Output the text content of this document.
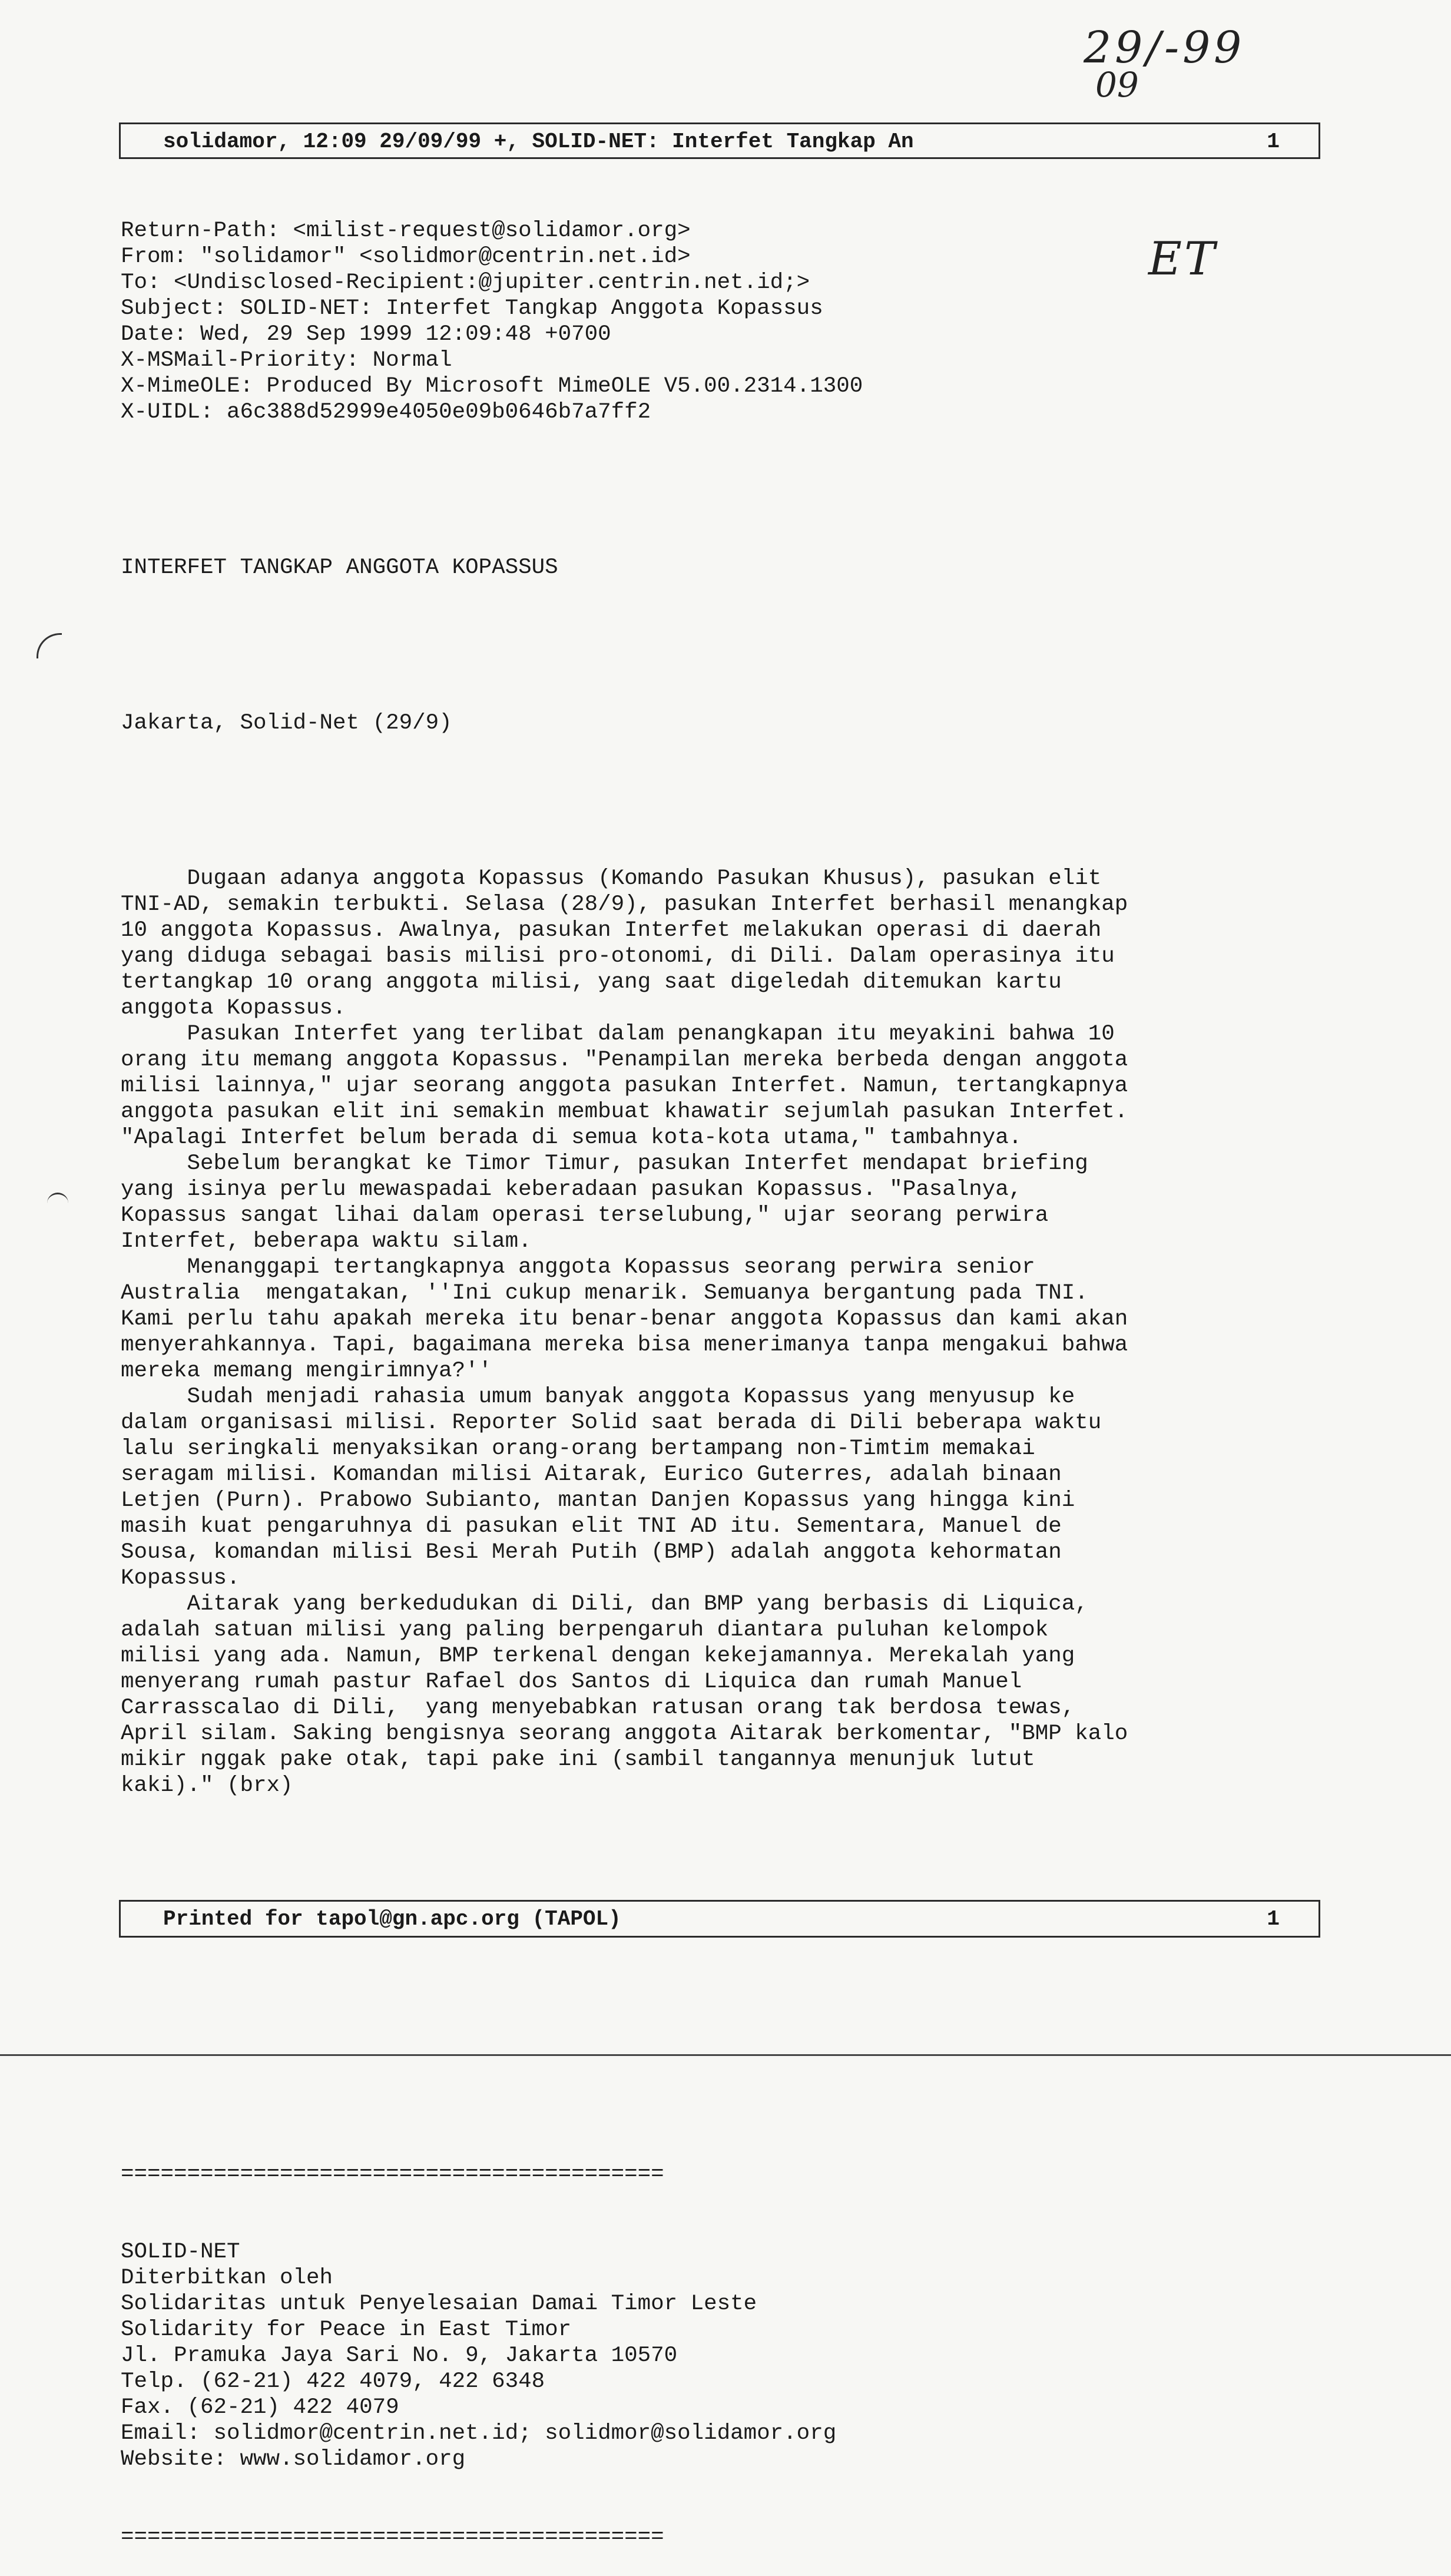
29/-99
09
ET
solidamor, 12:09 29/09/99 +, SOLID-NET: Interfet Tangkap An	1

Return-Path: <milist-request@solidamor.org>

From: "solidamor" <solidmor@centrin.net.id>

To: <Undisclosed-Recipient:@jupiter.centrin.net.id;>

Subject: SOLID-NET: Interfet Tangkap Anggota Kopassus

Date: Wed, 29 Sep 1999 12:09:48 +0700

X-MSMail-Priority: Normal

X-MimeOLE: Produced By Microsoft MimeOLE V5.00.2314.1300

X-UIDL: a6c388d52999e4050e09b0646b7a7ff2

INTERFET TANGKAP ANGGOTA KOPASSUS

Jakarta, Solid-Net (29/9)

Dugaan adanya anggota Kopassus (Komando Pasukan Khusus), pasukan elit

TNI-AD, semakin terbukti. Selasa (28/9), pasukan Interfet berhasil menangkap

10 anggota Kopassus. Awalnya, pasukan Interfet melakukan operasi di daerah

yang diduga sebagai basis milisi pro-otonomi, di Dili. Dalam operasinya itu

tertangkap 10 orang anggota milisi, yang saat digeledah ditemukan kartu

anggota Kopassus.

Pasukan Interfet yang terlibat dalam penangkapan itu meyakini bahwa 10

orang itu memang anggota Kopassus. "Penampilan mereka berbeda dengan anggota

milisi lainnya," ujar seorang anggota pasukan Interfet. Namun, tertangkapnya

anggota pasukan elit ini semakin membuat khawatir sejumlah pasukan Interfet.

"Apalagi Interfet belum berada di semua kota-kota utama," tambahnya.

Sebelum berangkat ke Timor Timur, pasukan Interfet mendapat briefing

yang isinya perlu mewaspadai keberadaan pasukan Kopassus. "Pasalnya,

Kopassus sangat lihai dalam operasi terselubung," ujar seorang perwira

Interfet, beberapa waktu silam.

Menanggapi tertangkapnya anggota Kopassus seorang perwira senior

Australia  mengatakan, ''Ini cukup menarik. Semuanya bergantung pada TNI.

Kami perlu tahu apakah mereka itu benar-benar anggota Kopassus dan kami akan

menyerahkannya. Tapi, bagaimana mereka bisa menerimanya tanpa mengakui bahwa

mereka memang mengirimnya?''

Sudah menjadi rahasia umum banyak anggota Kopassus yang menyusup ke

dalam organisasi milisi. Reporter Solid saat berada di Dili beberapa waktu

lalu seringkali menyaksikan orang-orang bertampang non-Timtim memakai

seragam milisi. Komandan milisi Aitarak, Eurico Guterres, adalah binaan

Letjen (Purn). Prabowo Subianto, mantan Danjen Kopassus yang hingga kini

masih kuat pengaruhnya di pasukan elit TNI AD itu. Sementara, Manuel de

Sousa, komandan milisi Besi Merah Putih (BMP) adalah anggota kehormatan

Kopassus.

Aitarak yang berkedudukan di Dili, dan BMP yang berbasis di Liquica,

adalah satuan milisi yang paling berpengaruh diantara puluhan kelompok

milisi yang ada. Namun, BMP terkenal dengan kekejamannya. Merekalah yang

menyerang rumah pastur Rafael dos Santos di Liquica dan rumah Manuel

Carrasscalao di Dili,  yang menyebabkan ratusan orang tak berdosa tewas,

April silam. Saking bengisnya seorang anggota Aitarak berkomentar, "BMP kalo

mikir nggak pake otak, tapi pake ini (sambil tangannya menunjuk lutut

kaki)." (brx)

=========================================

SOLID-NET

Diterbitkan oleh

Solidaritas untuk Penyelesaian Damai Timor Leste

Solidarity for Peace in East Timor

Jl. Pramuka Jaya Sari No. 9, Jakarta 10570

Telp. (62-21) 422 4079, 422 6348

Fax. (62-21) 422 4079

Email: solidmor@centrin.net.id; solidmor@solidamor.org

Website: www.solidamor.org

=========================================

Printed for tapol@gn.apc.org (TAPOL)	1
